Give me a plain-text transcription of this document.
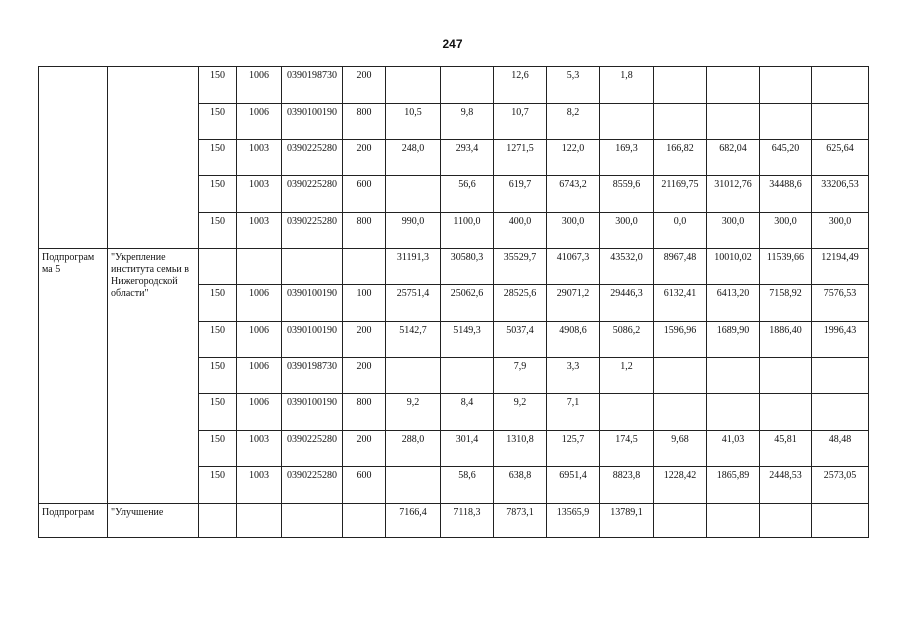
247
		150	1006	0390198730	200			12,6	5,3	1,8				
		150	1006	0390100190	800	10,5	9,8	10,7	8,2					
		150	1003	0390225280	200	248,0	293,4	1271,5	122,0	169,3	166,82	682,04	645,20	625,64
		150	1003	0390225280	600		56,6	619,7	6743,2	8559,6	21169,75	31012,76	34488,6	33206,53
		150	1003	0390225280	800	990,0	1100,0	400,0	300,0	300,0	0,0	300,0	300,0	300,0
Подпрограм ма 5	"Укрепление института семьи в Нижегородской области"					31191,3	30580,3	35529,7	41067,3	43532,0	8967,48	10010,02	11539,66	12194,49
		150	1006	0390100190	100	25751,4	25062,6	28525,6	29071,2	29446,3	6132,41	6413,20	7158,92	7576,53
		150	1006	0390100190	200	5142,7	5149,3	5037,4	4908,6	5086,2	1596,96	1689,90	1886,40	1996,43
		150	1006	0390198730	200			7,9	3,3	1,2				
		150	1006	0390100190	800	9,2	8,4	9,2	7,1					
		150	1003	0390225280	200	288,0	301,4	1310,8	125,7	174,5	9,68	41,03	45,81	48,48
		150	1003	0390225280	600		58,6	638,8	6951,4	8823,8	1228,42	1865,89	2448,53	2573,05
Подпрограм	"Улучшение					7166,4	7118,3	7873,1	13565,9	13789,1				
